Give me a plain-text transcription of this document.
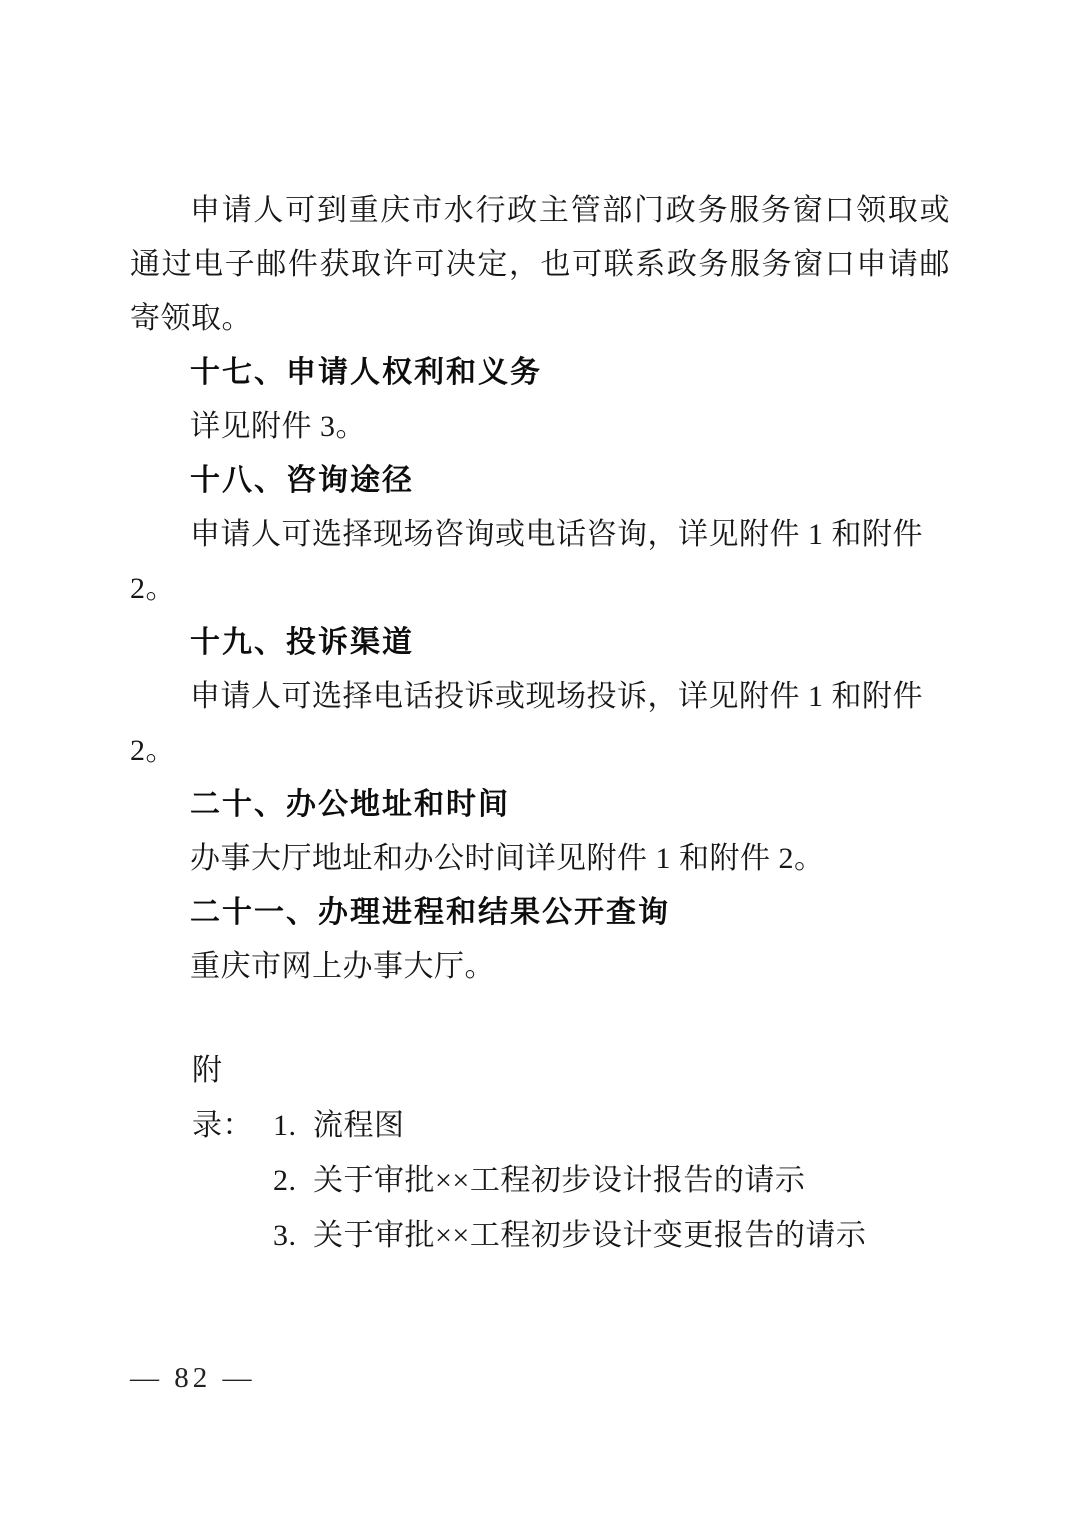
申请人可到重庆市水行政主管部门政务服务窗口领取或通过电子邮件获取许可决定，也可联系政务服务窗口申请邮寄领取。

十七、申请人权利和义务

详见附件 3。

十八、咨询途径

申请人可选择现场咨询或电话咨询，详见附件 1 和附件 2。

十九、投诉渠道

申请人可选择电话投诉或现场投诉，详见附件 1 和附件 2。

二十、办公地址和时间

办事大厅地址和办公时间详见附件 1 和附件 2。

二十一、办理进程和结果公开查询

重庆市网上办事大厅。

附录： 1. 流程图

2. 关于审批××工程初步设计报告的请示

3. 关于审批××工程初步设计变更报告的请示

— 82 —
